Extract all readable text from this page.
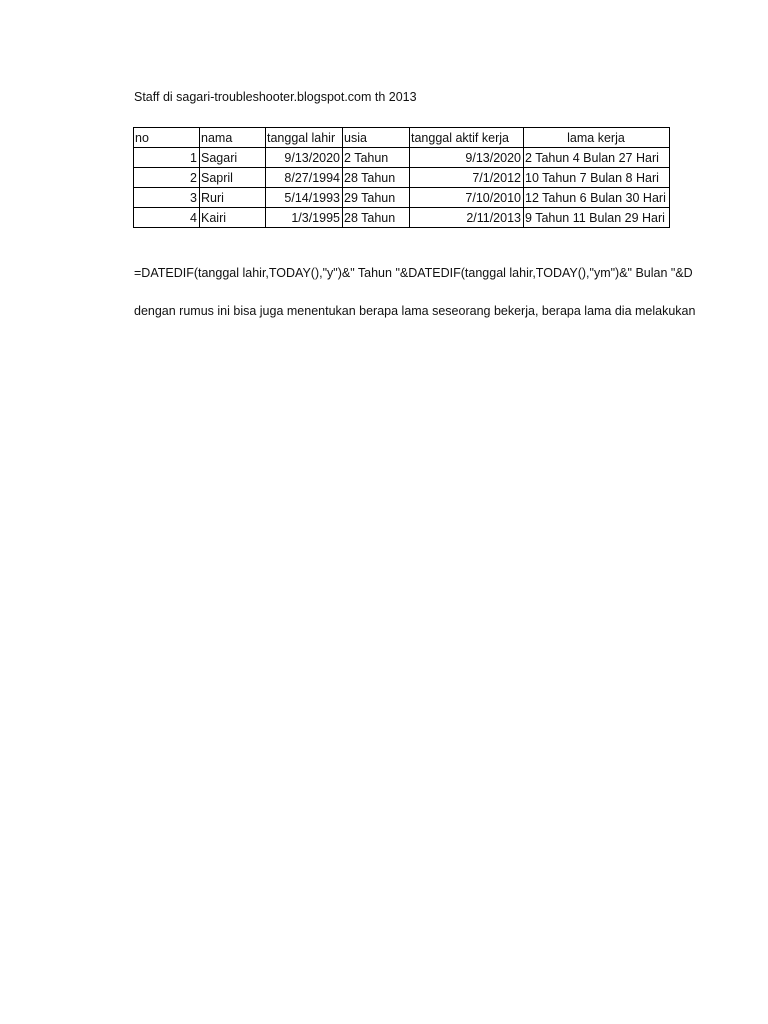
Staff di sagari-troubleshooter.blogspot.com th 2013
no	nama	tanggal lahir	usia	tanggal aktif kerja	lama kerja
1	Sagari	9/13/2020	2 Tahun	9/13/2020	2 Tahun 4 Bulan 27 Hari
2	Sapril	8/27/1994	28 Tahun	7/1/2012	10 Tahun 7 Bulan 8 Hari
3	Ruri	5/14/1993	29 Tahun	7/10/2010	12 Tahun 6 Bulan 30 Hari
4	Kairi	1/3/1995	28 Tahun	2/11/2013	9 Tahun 11 Bulan 29 Hari
=DATEDIF(tanggal lahir,TODAY(),"y")&" Tahun "&DATEDIF(tanggal lahir,TODAY(),"ym")&" Bulan "&D
dengan rumus ini bisa juga menentukan berapa lama seseorang bekerja, berapa lama dia melakukan
